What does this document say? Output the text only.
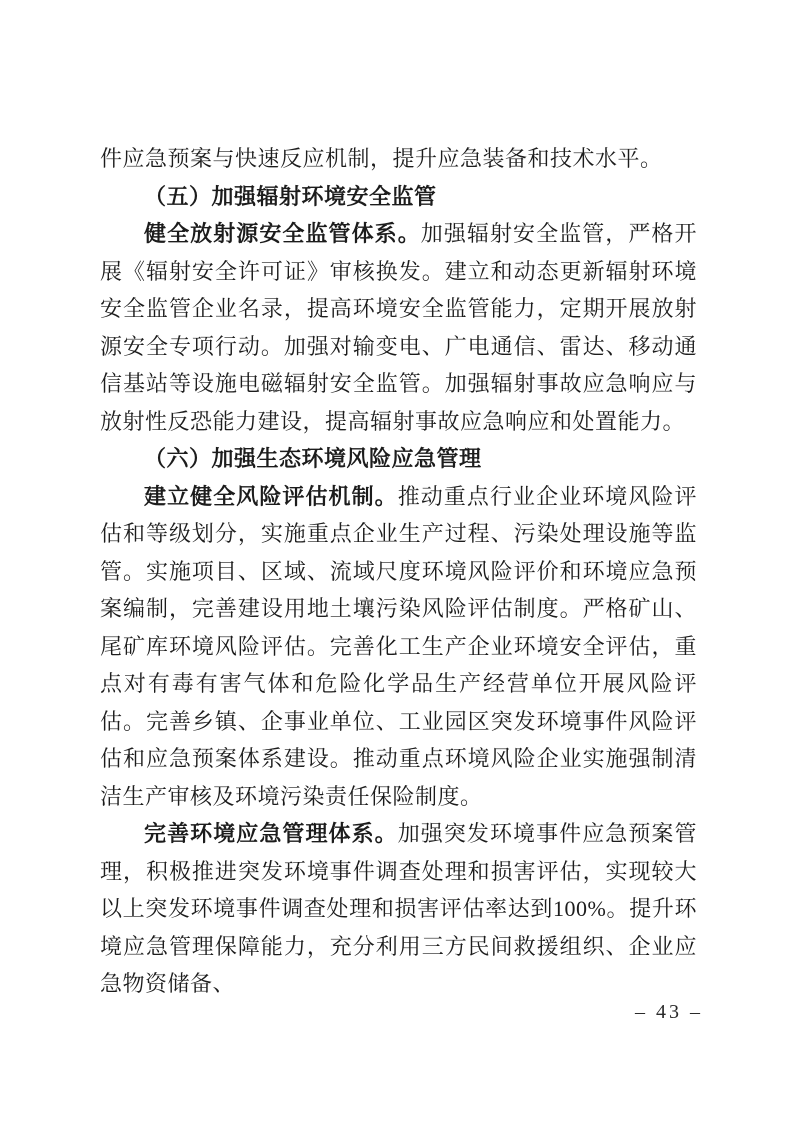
件应急预案与快速反应机制，提升应急装备和技术水平。

（五）加强辐射环境安全监管

健全放射源安全监管体系。加强辐射安全监管，严格开展《辐射安全许可证》审核换发。建立和动态更新辐射环境安全监管企业名录，提高环境安全监管能力，定期开展放射源安全专项行动。加强对输变电、广电通信、雷达、移动通信基站等设施电磁辐射安全监管。加强辐射事故应急响应与放射性反恐能力建设，提高辐射事故应急响应和处置能力。

（六）加强生态环境风险应急管理

建立健全风险评估机制。推动重点行业企业环境风险评估和等级划分，实施重点企业生产过程、污染处理设施等监管。实施项目、区域、流域尺度环境风险评价和环境应急预案编制，完善建设用地土壤污染风险评估制度。严格矿山、尾矿库环境风险评估。完善化工生产企业环境安全评估，重点对有毒有害气体和危险化学品生产经营单位开展风险评估。完善乡镇、企事业单位、工业园区突发环境事件风险评估和应急预案体系建设。推动重点环境风险企业实施强制清洁生产审核及环境污染责任保险制度。

完善环境应急管理体系。加强突发环境事件应急预案管理，积极推进突发环境事件调查处理和损害评估，实现较大以上突发环境事件调查处理和损害评估率达到100%。提升环境应急管理保障能力，充分利用三方民间救援组织、企业应急物资储备、

– 43 –
